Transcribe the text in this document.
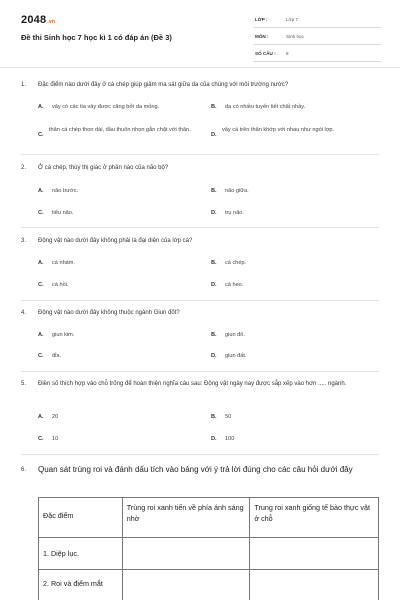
2048.vn
Đề thi Sinh học 7 học kì 1 có đáp án (Đề 3)
LỚP :	Lớp 7
MÔN :	Sinh học
SỐ CÂU : 8
1. Đặc điểm nào dưới đây ở cá chép giúp giảm ma sát giữa da của chúng với môi trường nước?
A. vảy có các tia vảy được căng bởi da mỏng.	B. da có nhiều tuyến tiết chất nhầy.
C.
thân cá chép thon dài, đầu thuôn nhọn gắn chặt với thân.
D.
vảy cá trên thân khớp với nhau như ngói lợp.
2. Ở cá chép, thùy thị giác ở phần nào của não bộ?
A. não trước.	B. não giữa.
C. tiểu não.	D. trụ não.
3. Động vật nào dưới đây không phải là đại diện của lớp cá?
A. cá nhám.	B. cá chép.
C. cá hồi.	D. cá heo.
4. Động vật nào dưới đây không thuộc ngành Giun đốt?
A. giun kim.	B. giun đỏ.
C. đỉa.	D. giun đất.
5. Điền số thích hợp vào chỗ trống để hoàn thiện nghĩa câu sau: Động vật ngày nay được sắp xếp vào hơn ..... ngành.
A. 20	B. 50
C. 10	D. 100
6. Quan sát trùng roi và đánh dấu tích vào bảng với ý trả lời đúng cho các câu hỏi dưới đây
Đặc điểm	Trùng roi xanh tiến về phía ánh sáng nhờ	Trung roi xanh giống tế bào thực vật ở chỗ
1. Diệp lục.		
2. Roi và điểm mắt		
